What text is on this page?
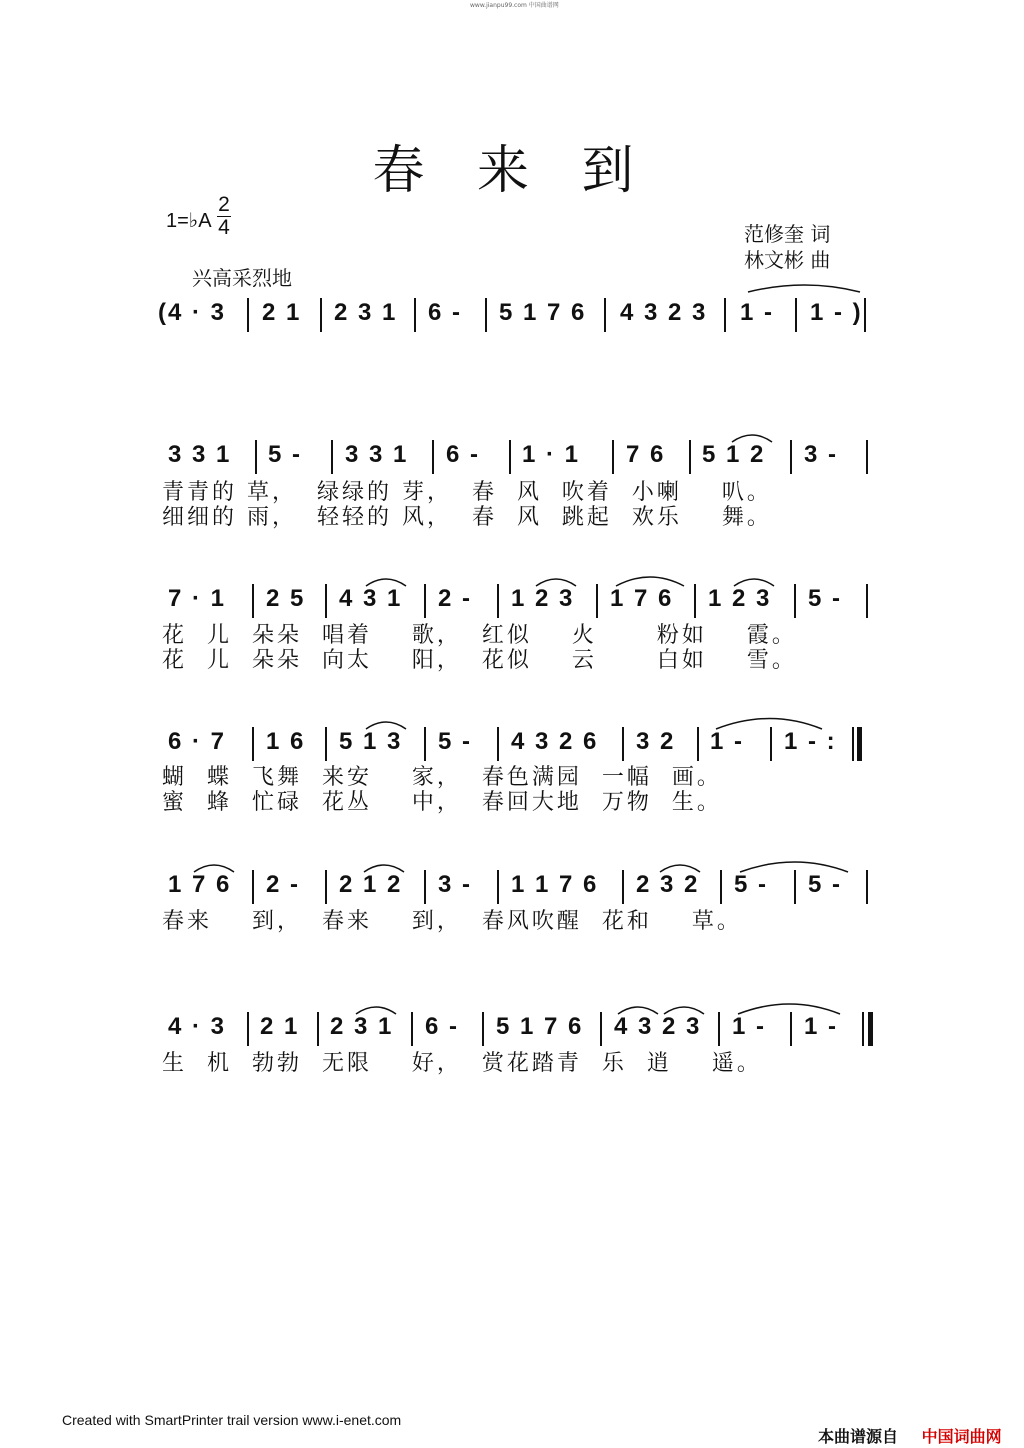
www.jianpu99.com 中国曲谱网
春 来 到
1=♭A
2
4	范修奎 词
林文彬 曲
兴高采烈地
(4 · 3 2 1 2 3 1 6 - 5 1 7 6 4 3 2 3 1 - 1 - )
3 3 1 5 - 3 3 1 6 - 1 · 1 7 6 5 1 2 3 -
青青的 草，  绿绿的 芽，  春  风  吹着  小喇    叭。
细细的 雨，  轻轻的 风，  春  风  跳起  欢乐    舞。
7 · 1 2 5 4 3 1 2 - 1 2 3 1 7 6 1 2 3 5 -
花  儿  朵朵  唱着    歌，  红似    火      粉如    霞。
花  儿  朵朵  向太    阳，  花似    云      白如    雪。
6 · 7 1 6 5 1 3 5 - 4 3 2 6 3 2 1 - 1 - :
蝴  蝶  飞舞  来安    家，  春色满园  一幅  画。
蜜  蜂  忙碌  花丛    中，  春回大地  万物  生。
1 7 6 2 - 2 1 2 3 - 1 1 7 6 2 3 2 5 - 5 -
春来    到，  春来    到，  春风吹醒  花和    草。
4 · 3 2 1 2 3 1 6 - 5 1 7 6 4 3 2 3 1 - 1 -
生  机  勃勃  无限    好，  赏花踏青  乐  逍    遥。
Created with SmartPrinter trail version www.i-enet.com
本曲谱源自 中国词曲网
